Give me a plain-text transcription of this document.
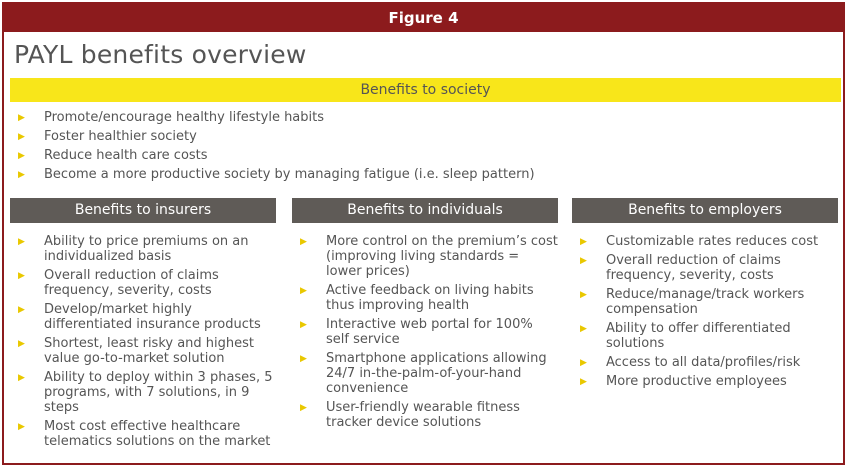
Figure 4
PAYL benefits overview
Benefits to society
▶ Promote/encourage healthy lifestyle habits
▶ Foster healthier society
▶ Reduce health care costs
▶ Become a more productive society by managing fatigue (i.e. sleep pattern)
Benefits to insurers
▶ Ability to price premiums on an individualized basis
▶ Overall reduction of claims frequency, severity, costs
▶ Develop/market highly differentiated insurance products
▶ Shortest, least risky and highest value go-to-market solution
▶ Ability to deploy within 3 phases, 5 programs, with 7 solutions, in 9 steps
▶ Most cost effective healthcare telematics solutions on the market
Benefits to individuals
▶ More control on the premium’s cost (improving living standards = lower prices)
▶ Active feedback on living habits thus improving health
▶ Interactive web portal for 100% self service
▶ Smartphone applications allowing 24/7 in-the-palm-of-your-hand convenience
▶ User-friendly wearable fitness tracker device solutions
Benefits to employers
▶ Customizable rates reduces cost
▶ Overall reduction of claims frequency, severity, costs
▶ Reduce/manage/track workers compensation
▶ Ability to offer differentiated solutions
▶ Access to all data/profiles/risk
▶ More productive employees
